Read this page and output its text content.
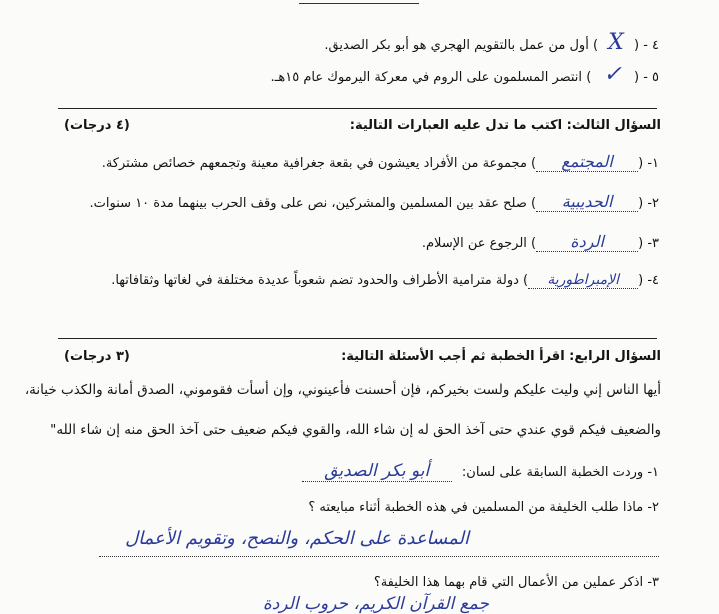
٤ - ( X ) أول من عمل بالتقويم الهجري هو أبو بكر الصديق.
٥ - ( ✓ ) انتصر المسلمون على الروم في معركة اليرموك عام ١٥هـ.
السؤال الثالث: اكتب ما تدل عليه العبارات التالية:
(٤ درجات)
١- (المجتمع) مجموعة من الأفراد يعيشون في بقعة جغرافية معينة وتجمعهم خصائص مشتركة.
٢- (الحديبية) صلح عقد بين المسلمين والمشركين، نص على وقف الحرب بينهما مدة ١٠ سنوات.
٣- (الردة) الرجوع عن الإسلام.
٤- (الإمبراطورية) دولة مترامية الأطراف والحدود تضم شعوباً عديدة مختلفة في لغاتها وثقافاتها.
السؤال الرابع: اقرأ الخطبة ثم أجب الأسئلة التالية:
(٣ درجات)
أيها الناس إني وليت عليكم ولست بخيركم، فإن أحسنت فأعينوني، وإن أسأت فقوموني، الصدق أمانة والكذب خيانة،
والضعيف فيكم قوي عندي حتى آخذ الحق له إن شاء الله، والقوي فيكم ضعيف حتى آخذ الحق منه إن شاء الله"
١- وردت الخطبة السابقة على لسان: أبو بكر الصديق
٢- ماذا طلب الخليفة من المسلمين في هذه الخطبة أثناء مبايعته ؟
المساعدة على الحكم، والنصح، وتقويم الأعمال
٣- اذكر عملين من الأعمال التي قام بهما هذا الخليفة؟
جمع القرآن الكريم، حروب الردة
